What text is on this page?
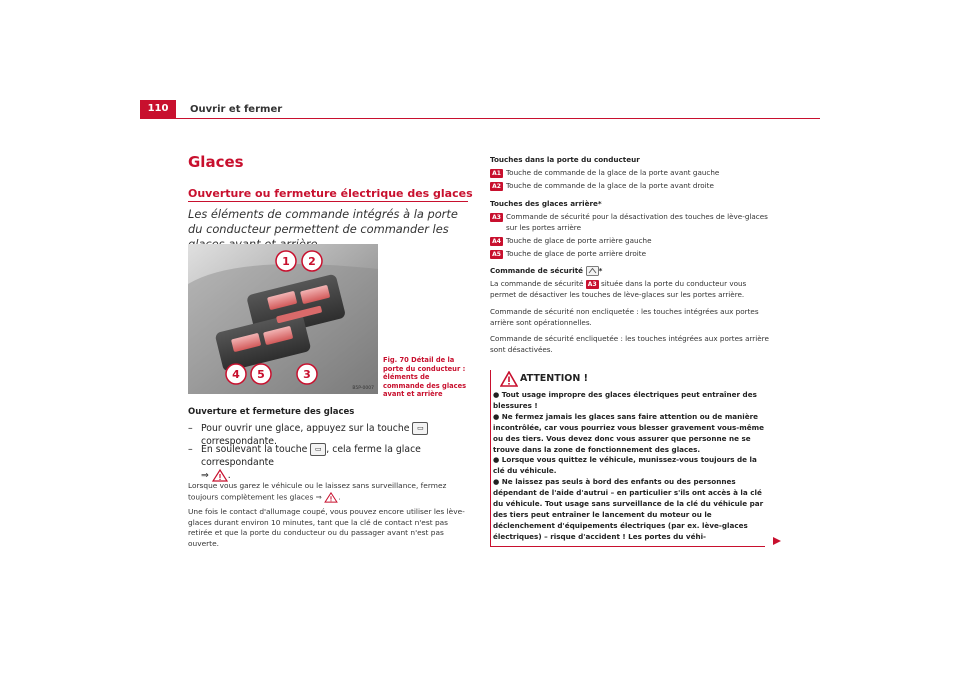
110	Ouvrir et fermer
Glaces
Ouverture ou fermeture électrique des glaces
Les éléments de commande intégrés à la porte du conducteur permettent de commander les
1 2
3
4 5
B5P-0007
Fig. 70 Détail de la porte du conducteur : éléments de commande des glaces avant et arrière
Ouverture et fermeture des glaces
– Pour ouvrir une glace, appuyez sur la touche ▭ correspondante.
– En soulevant la touche ▭ , cela ferme la glace correspondante
⇒ .
Lorsque vous garez le véhicule ou le laissez sans surveillance, fermez toujours complètement les glaces ⇒ .
Une fois le contact d'allumage coupé, vous pouvez encore utiliser les lève-glaces durant environ 10 minutes, tant que la clé de contact n'est pas retirée et que la porte du conducteur ou du passager avant n'est pas ouverte.
Touches dans la porte du conducteur
A1 Touche de commande de la glace de la porte avant gauche
A2 Touche de commande de la glace de la porte avant droite
Touches des glaces arrière*
A3 Commande de sécurité pour la désactivation des touches de lève-glaces sur les portes arrière
A4 Touche de glace de porte arrière gauche
A5 Touche de glace de porte arrière droite
Commande de sécurité *
La commande de sécurité A3 située dans la porte du conducteur vous permet de désactiver les touches de lève-glaces sur les portes arrière.
Commande de sécurité non encliquetée : les touches intégrées aux portes arrière sont opérationnelles.
Commande de sécurité encliquetée : les touches intégrées aux portes arrière sont désactivées.
ATTENTION !

● Tout usage impropre des glaces électriques peut entraîner des blessures !

● Ne fermez jamais les glaces sans faire attention ou de manière incontrôlée, car vous pourriez vous blesser gravement vous-même ou des tiers. Vous devez donc vous assurer que personne ne se trouve dans la zone de fonctionnement des glaces.

● Lorsque vous quittez le véhicule, munissez-vous toujours de la clé du véhicule.

● Ne laissez pas seuls à bord des enfants ou des personnes dépendant de l'aide d'autrui – en particulier s'ils ont accès à la clé du véhicule. Tout usage sans surveillance de la clé du véhicule par des tiers peut entraîner le lancement du moteur ou le déclenchement d'équipements électriques (par ex. lève-glaces électriques) – risque d'accident ! Les portes du véhi-
